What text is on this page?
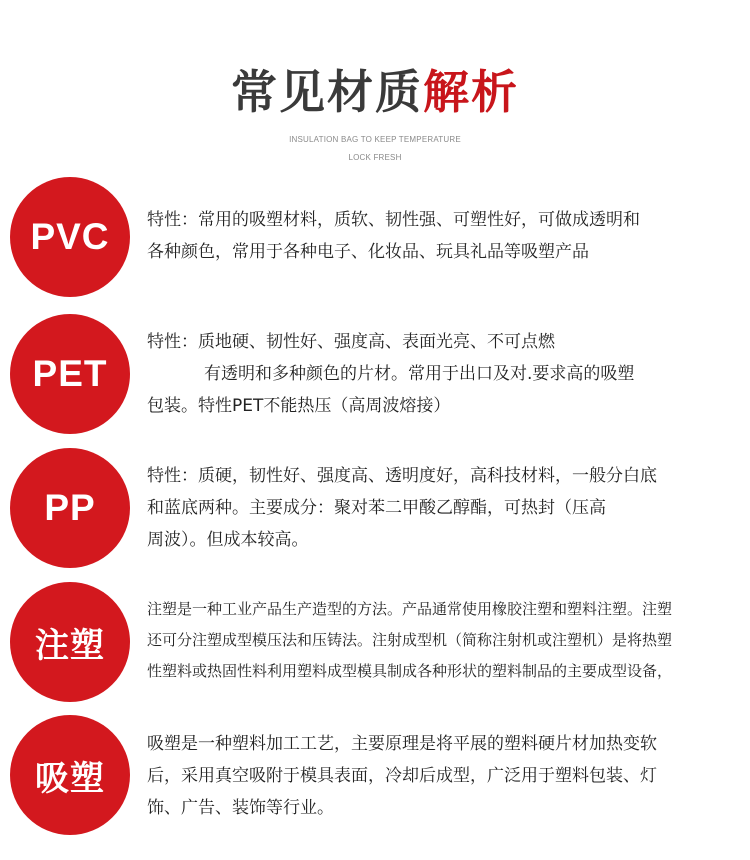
常见材质解析
INSULATION BAG TO KEEP TEMPERATURE
LOCK FRESH
PVC	特性：常用的吸塑材料，质软、韧性强、可塑性好，可做成透明和
各种颜色，常用于各种电子、化妆品、玩具礼品等吸塑产品
PET
特性：质地硬、韧性好、强度高、表面光亮、不可点燃
有透明和多种颜色的片材。常用于出口及对.要求高的吸塑
包装。特性PET不能热压（高周波熔接）
PP
特性：质硬，韧性好、强度高、透明度好，高科技材料，一般分白底
和蓝底两种。主要成分：聚对苯二甲酸乙醇酯，可热封（压高
周波）。但成本较高。
注塑
注塑是一种工业产品生产造型的方法。产品通常使用橡胶注塑和塑料注塑。注塑
还可分注塑成型模压法和压铸法。注射成型机（简称注射机或注塑机）是将热塑
性塑料或热固性料利用塑料成型模具制成各种形状的塑料制品的主要成型设备，
吸塑
吸塑是一种塑料加工工艺，主要原理是将平展的塑料硬片材加热变软
后，采用真空吸附于模具表面，冷却后成型，广泛用于塑料包装、灯
饰、广告、装饰等行业。
